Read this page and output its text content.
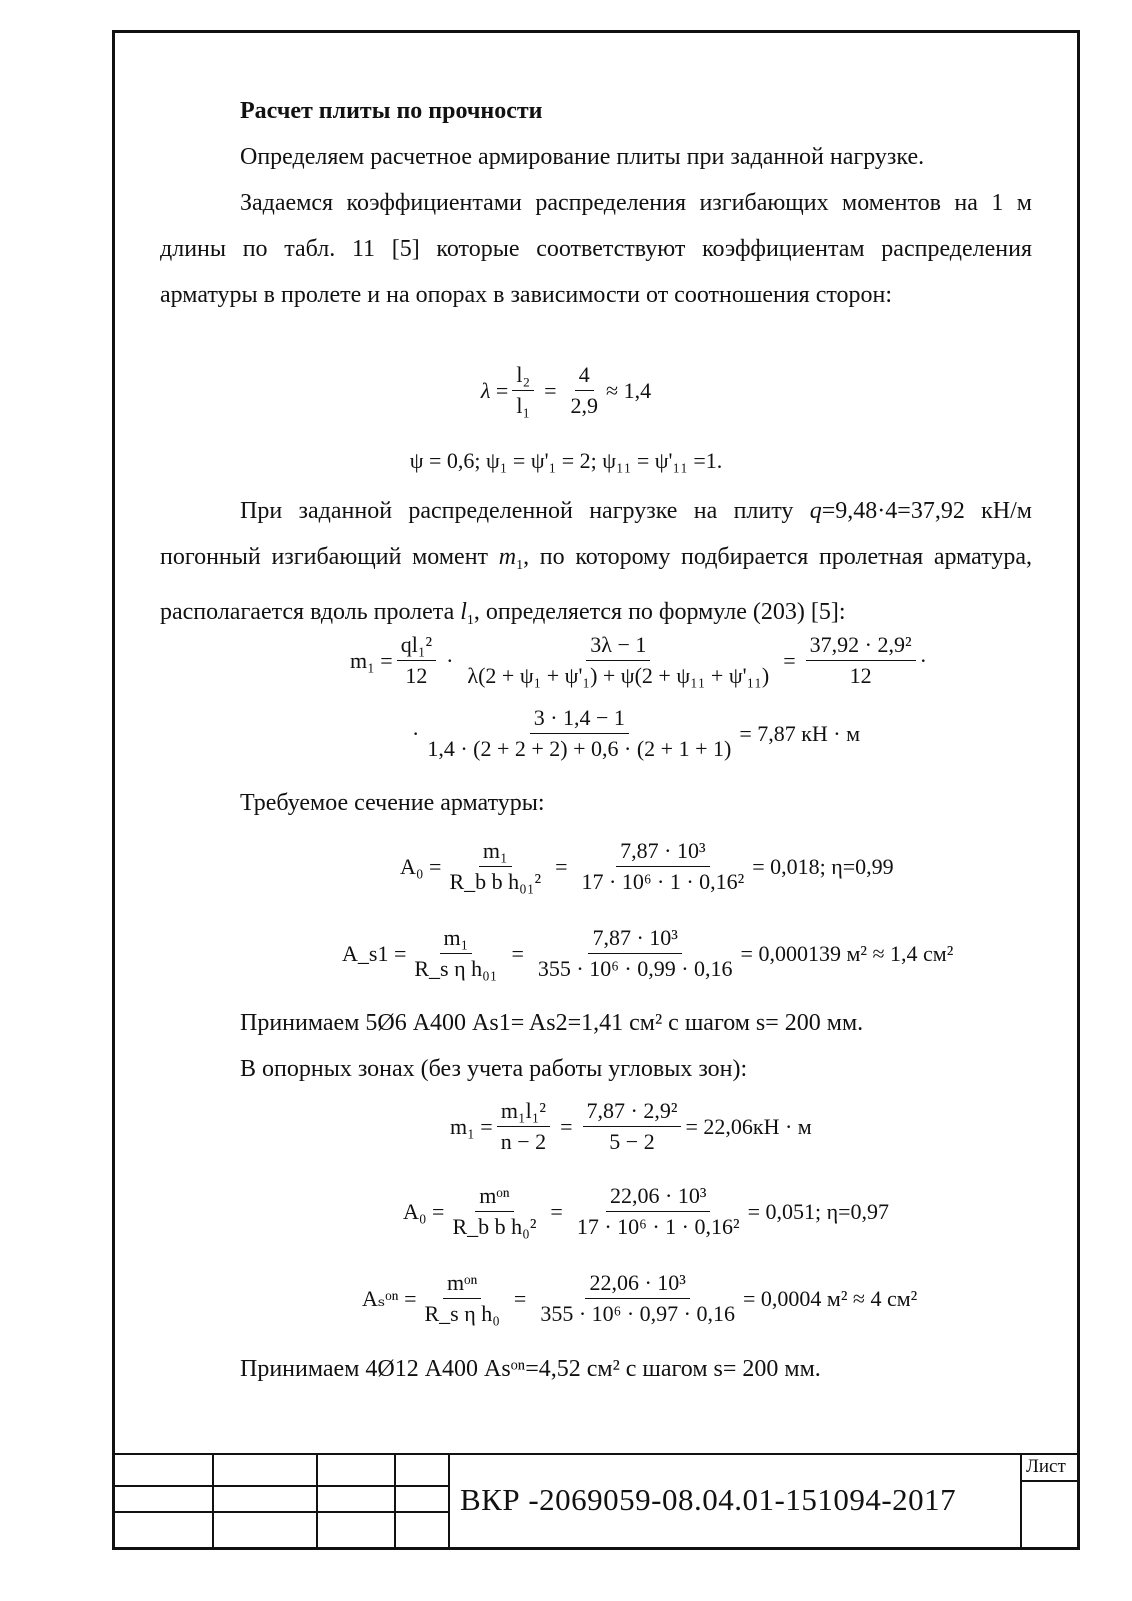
Расчет плиты по прочности

Определяем расчетное армирование плиты при заданной нагрузке.

Задаемся коэффициентами распределения изгибающих моментов на 1 м длины по табл. 11 [5] которые соответствуют коэффициентам распределения арматуры в пролете и на опорах в зависимости от соотношения сторон:

$\lambda = \frac{\text{l₂}}{\text{l₁}} = \frac{4}{2,9} \approx 1,4$
ψ = 0,6; ψ₁ = ψ'₁ = 2; ψ₁₁ = ψ'₁₁ =1.

При заданной распределенной нагрузке на плиту q=9,48·4=37,92 кН/м погонный изгибающий момент $m_1$, по которому подбирается пролетная арматура, располагается вдоль пролета $l_1$, определяется по формуле (203) [5]:

$m_1 = \frac{\text{ql₁²}}{12} \cdot \frac{3\lambda - 1}{\text{λ(2 + ψ₁ + ψ'₁) + ψ(2 + ψ₁₁ + ψ'₁₁)}} = \frac{\text{37,92 · 2,9²}}{12}$ ·
· $\frac{3 \cdot 1,4 - 1}{1,4 \cdot (2 + 2 + 2) + 0,6 \cdot (2 + 1 + 1)} = 7,87$ кН · м

Требуемое сечение арматуры:

$A_0 = \frac{\text{m₁}}{\text{R\_b b h₀₁²}} = \frac{\text{7,87 · 10³}}{\text{17 · 10⁶ · 1 · 0,16²}} = 0,018$; η=0,99
A_s1 = $\frac{\text{m₁}}{\text{R\_s η h₀₁}} = \frac{\text{7,87 · 10³}}{\text{355 · 10⁶ · 0,99 · 0,16}} = 0,000139$ м² ≈ 1,4 см²

Принимаем 5Ø6 А400 As1= As2=1,41 см² с шагом s= 200 мм.

В опорных зонах (без учета работы угловых зон):

$m_1 = \frac{\text{m₁l₁²}}{n - 2} = \frac{\text{7,87 · 2,9²}}{5 - 2} = 22,06кН \cdot м$
$A_0 = \frac{\text{mᵒⁿ}}{\text{R\_b b h₀²}} = \frac{\text{22,06 · 10³}}{\text{17 · 10⁶ · 1 · 0,16²}} = 0,051$; η=0,97
Aₛᵒⁿ = $\frac{\text{mᵒⁿ}}{\text{R\_s η h₀}} = \frac{\text{22,06 · 10³}}{\text{355 · 10⁶ · 0,97 · 0,16}} = 0,0004$ м² ≈ 4 см²

Принимаем 4Ø12 А400 Asᵒⁿ=4,52 см² с шагом s= 200 мм.

ВКР -2069059-08.04.01-151094-2017
Лист
